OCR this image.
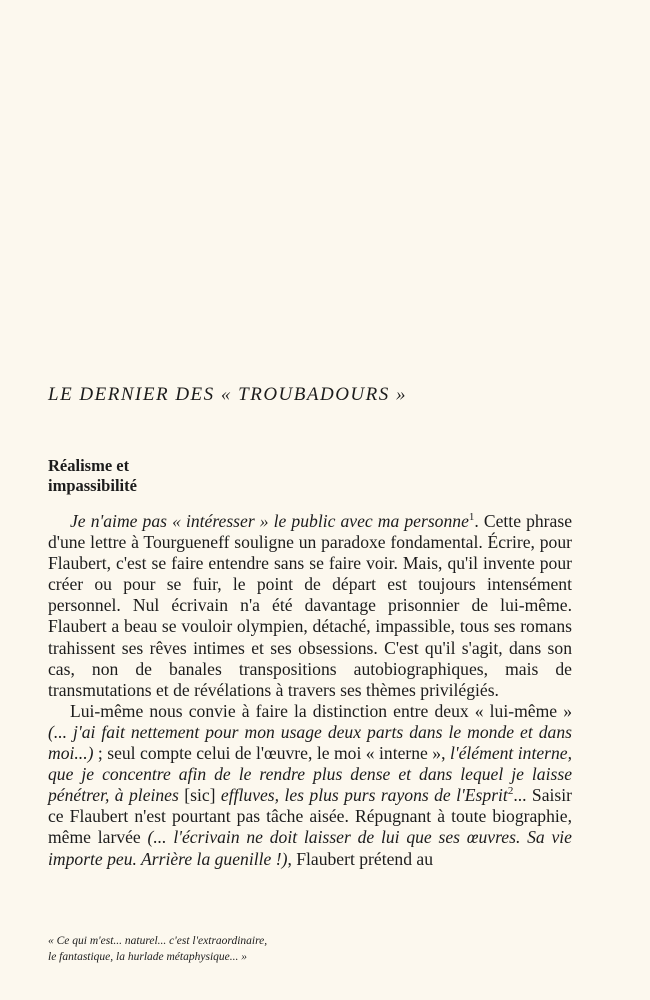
LE DERNIER DES « TROUBADOURS »
Réalisme et
impassibilité

Je n'aime pas « intéresser » le public avec ma personne$^1$. Cette phrase d'une lettre à Tourgueneff souligne un paradoxe fondamental. Écrire, pour Flaubert, c'est se faire entendre sans se faire voir. Mais, qu'il invente pour créer ou pour se fuir, le point de départ est toujours intensément personnel. Nul écrivain n'a été davantage prisonnier de lui-même. Flaubert a beau se vouloir olympien, détaché, impassible, tous ses romans trahissent ses rêves intimes et ses obsessions. C'est qu'il s'agit, dans son cas, non de banales transpositions autobiographiques, mais de transmutations et de révélations à travers ses thèmes privilégiés.

Lui-même nous convie à faire la distinction entre deux « lui-même » (... j'ai fait nettement pour mon usage deux parts dans le monde et dans moi...) ; seul compte celui de l'œuvre, le moi « interne », l'élément interne, que je concentre afin de le rendre plus dense et dans lequel je laisse pénétrer, à pleines [sic] effluves, les plus purs rayons de l'Esprit$^2$... Saisir ce Flaubert n'est pourtant pas tâche aisée. Répugnant à toute biographie, même larvée (... l'écrivain ne doit laisser de lui que ses œuvres. Sa vie importe peu. Arrière la guenille !), Flaubert prétend au

« Ce qui m'est... naturel... c'est l'extraordinaire,
le fantastique, la hurlade métaphysique... »
